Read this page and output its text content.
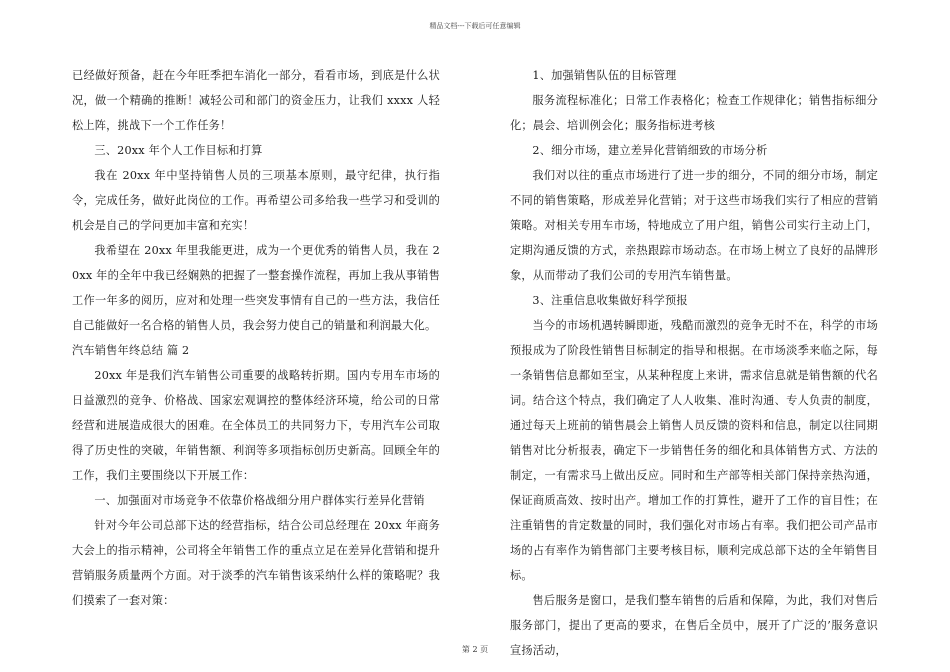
精品文档---下载后可任意编辑

已经做好预备，赶在今年旺季把车消化一部分，看看市场，到底是什么状况，做一个精确的推断！减轻公司和部门的资金压力，让我们 xxxx 人轻松上阵，挑战下一个工作任务！

三、20xx 年个人工作目标和打算

我在 20xx 年中坚持销售人员的三项基本原则，最守纪律，执行指令，完成任务，做好此岗位的工作。再希望公司多给我一些学习和受训的机会是自己的学问更加丰富和充实！

我希望在 20xx 年里我能更进，成为一个更优秀的销售人员，我在 20xx 年的全年中我已经娴熟的把握了一整套操作流程，再加上我从事销售工作一年多的阅历，应对和处理一些突发事情有自己的一些方法，我信任自己能做好一名合格的销售人员，我会努力使自己的销量和利润最大化。

汽车销售年终总结 篇 2

20xx 年是我们汽车销售公司重要的战略转折期。国内专用车市场的日益激烈的竞争、价格战、国家宏观调控的整体经济环境，给公司的日常经营和进展造成很大的困难。在全体员工的共同努力下，专用汽车公司取得了历史性的突破，年销售额、利润等多项指标创历史新高。回顾全年的工作，我们主要围绕以下开展工作：

一、加强面对市场竞争不依靠价格战细分用户群体实行差异化营销

针对今年公司总部下达的经营指标，结合公司总经理在 20xx 年商务大会上的指示精神，公司将全年销售工作的重点立足在差异化营销和提升营销服务质量两个方面。对于淡季的汽车销售该采纳什么样的策略呢？我们摸索了一套对策：

1、加强销售队伍的目标管理

服务流程标准化；日常工作表格化；检查工作规律化；销售指标细分化；晨会、培训例会化；服务指标进考核

2、细分市场，建立差异化营销细致的市场分析

我们对以往的重点市场进行了进一步的细分，不同的细分市场，制定不同的销售策略，形成差异化营销；对于这些市场我们实行了相应的营销策略。对相关专用车市场，特地成立了用户组，销售公司实行主动上门，定期沟通反馈的方式，亲热跟踪市场动态。在市场上树立了良好的品牌形象，从而带动了我们公司的专用汽车销售量。

3、注重信息收集做好科学预报

当今的市场机遇转瞬即逝，残酷而激烈的竞争无时不在，科学的市场预报成为了阶段性销售目标制定的指导和根据。在市场淡季来临之际，每一条销售信息都如至宝，从某种程度上来讲，需求信息就是销售额的代名词。结合这个特点，我们确定了人人收集、准时沟通、专人负责的制度，通过每天上班前的销售晨会上销售人员反馈的资料和信息，制定以往同期销售对比分析报表，确定下一步销售任务的细化和具体销售方式、方法的制定，一有需求马上做出反应。同时和生产部等相关部门保持亲热沟通，保证商质高效、按时出产。增加工作的打算性，避开了工作的盲目性；在注重销售的肯定数量的同时，我们强化对市场占有率。我们把公司产品市场的占有率作为销售部门主要考核目标，顺利完成总部下达的全年销售目标。

售后服务是窗口，是我们整车销售的后盾和保障，为此，我们对售后服务部门，提出了更高的要求，在售后全员中，展开了广泛的’服务意识宣扬活动，

第 2 页
